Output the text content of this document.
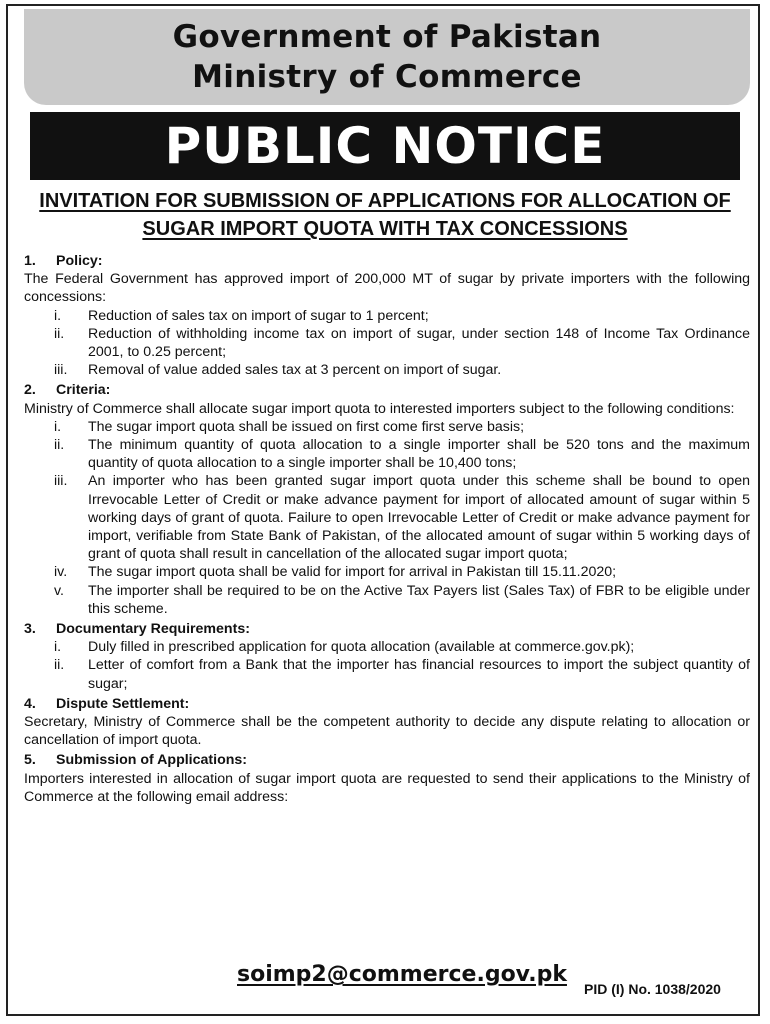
Government of Pakistan
Ministry of Commerce
PUBLIC NOTICE
INVITATION FOR SUBMISSION OF APPLICATIONS FOR ALLOCATION OF
SUGAR IMPORT QUOTA WITH TAX CONCESSIONS
1. Policy:
The Federal Government has approved import of 200,000 MT of sugar by private importers with the following concessions:
i.	Reduction of sales tax on import of sugar to 1 percent;
ii.	Reduction of withholding income tax on import of sugar, under section 148 of Income Tax Ordinance 2001, to 0.25 percent;
iii.	Removal of value added sales tax at 3 percent on import of sugar.
2. Criteria:
Ministry of Commerce shall allocate sugar import quota to interested importers subject to the following conditions:
i.	The sugar import quota shall be issued on first come first serve basis;
ii.	The minimum quantity of quota allocation to a single importer shall be 520 tons and the maximum quantity of quota allocation to a single importer shall be 10,400 tons;
iii.	An importer who has been granted sugar import quota under this scheme shall be bound to open Irrevocable Letter of Credit or make advance payment for import of allocated amount of sugar within 5 working days of grant of quota. Failure to open Irrevocable Letter of Credit or make advance payment for import, verifiable from State Bank of Pakistan, of the allocated amount of sugar within 5 working days of grant of quota shall result in cancellation of the allocated sugar import quota;
iv.	The sugar import quota shall be valid for import for arrival in Pakistan till 15.11.2020;
v.	The importer shall be required to be on the Active Tax Payers list (Sales Tax) of FBR to be eligible under this scheme.
3. Documentary Requirements:
i.	Duly filled in prescribed application for quota allocation (available at commerce.gov.pk);
ii.	Letter of comfort from a Bank that the importer has financial resources to import the subject quantity of sugar;
4. Dispute Settlement:
Secretary, Ministry of Commerce shall be the competent authority to decide any dispute relating to allocation or cancellation of import quota.
5. Submission of Applications:
Importers interested in allocation of sugar import quota are requested to send their applications to the Ministry of Commerce at the following email address:
soimp2@commerce.gov.pk
PID (I) No. 1038/2020
